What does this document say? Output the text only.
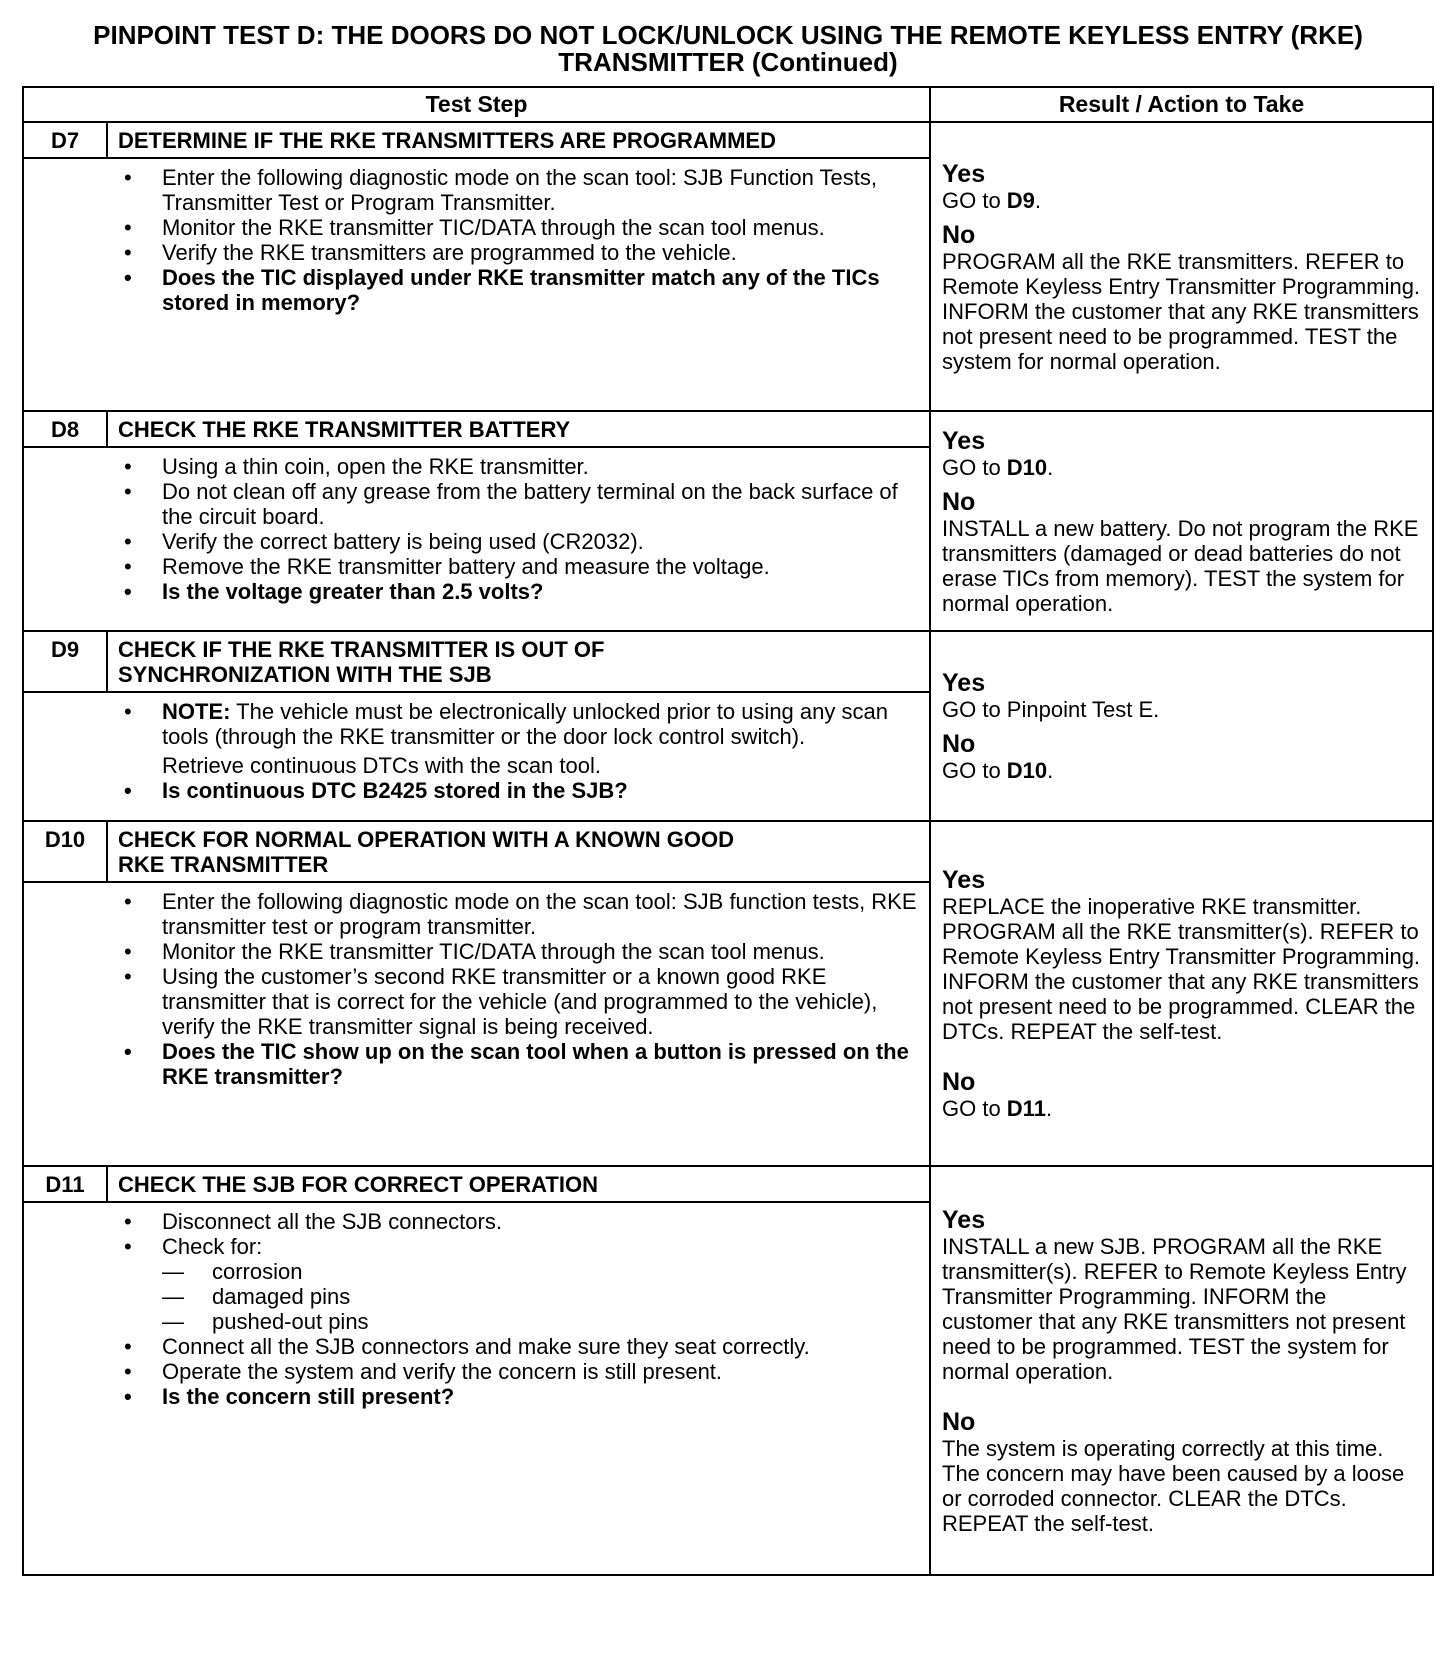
PINPOINT TEST D: THE DOORS DO NOT LOCK/UNLOCK USING THE REMOTE KEYLESS ENTRY (RKE)
TRANSMITTER (Continued)
Test Step	Result / Action to Take
D7	DETERMINE IF THE RKE TRANSMITTERS ARE PROGRAMMED
• Enter the following diagnostic mode on the scan tool: SJB Function Tests, Transmitter Test or Program Transmitter.
• Monitor the RKE transmitter TIC/DATA through the scan tool menus.
• Verify the RKE transmitters are programmed to the vehicle.
• Does the TIC displayed under RKE transmitter match any of the TICs stored in memory?
Yes
GO to D9.
No
PROGRAM all the RKE transmitters. REFER to Remote Keyless Entry Transmitter Programming. INFORM the customer that any RKE transmitters not present need to be programmed. TEST the system for normal operation.
D8	CHECK THE RKE TRANSMITTER BATTERY
• Using a thin coin, open the RKE transmitter.
• Do not clean off any grease from the battery terminal on the back surface of the circuit board.
• Verify the correct battery is being used (CR2032).
• Remove the RKE transmitter battery and measure the voltage.
• Is the voltage greater than 2.5 volts?
Yes
GO to D10.
No
INSTALL a new battery. Do not program the RKE transmitters (damaged or dead batteries do not erase TICs from memory). TEST the system for normal operation.
D9	CHECK IF THE RKE TRANSMITTER IS OUT OF
SYNCHRONIZATION WITH THE SJB
• NOTE: The vehicle must be electronically unlocked prior to using any scan tools (through the RKE transmitter or the door lock control switch).
Retrieve continuous DTCs with the scan tool.
• Is continuous DTC B2425 stored in the SJB?
Yes
GO to Pinpoint Test E.
No
GO to D10.
D10	CHECK FOR NORMAL OPERATION WITH A KNOWN GOOD
RKE TRANSMITTER
• Enter the following diagnostic mode on the scan tool: SJB function tests, RKE transmitter test or program transmitter.
• Monitor the RKE transmitter TIC/DATA through the scan tool menus.
• Using the customer’s second RKE transmitter or a known good RKE transmitter that is correct for the vehicle (and programmed to the vehicle), verify the RKE transmitter signal is being received.
• Does the TIC show up on the scan tool when a button is pressed on the RKE transmitter?
Yes
REPLACE the inoperative RKE transmitter. PROGRAM all the RKE transmitter(s). REFER to Remote Keyless Entry Transmitter Programming. INFORM the customer that any RKE transmitters not present need to be programmed. CLEAR the DTCs. REPEAT the self-test.
No
GO to D11.
D11	CHECK THE SJB FOR CORRECT OPERATION
• Disconnect all the SJB connectors.
• Check for:
— corrosion
— damaged pins
— pushed-out pins
• Connect all the SJB connectors and make sure they seat correctly.
• Operate the system and verify the concern is still present.
• Is the concern still present?
Yes
INSTALL a new SJB. PROGRAM all the RKE transmitter(s). REFER to Remote Keyless Entry Transmitter Programming. INFORM the customer that any RKE transmitters not present need to be programmed. TEST the system for normal operation.
No
The system is operating correctly at this time. The concern may have been caused by a loose or corroded connector. CLEAR the DTCs. REPEAT the self-test.
